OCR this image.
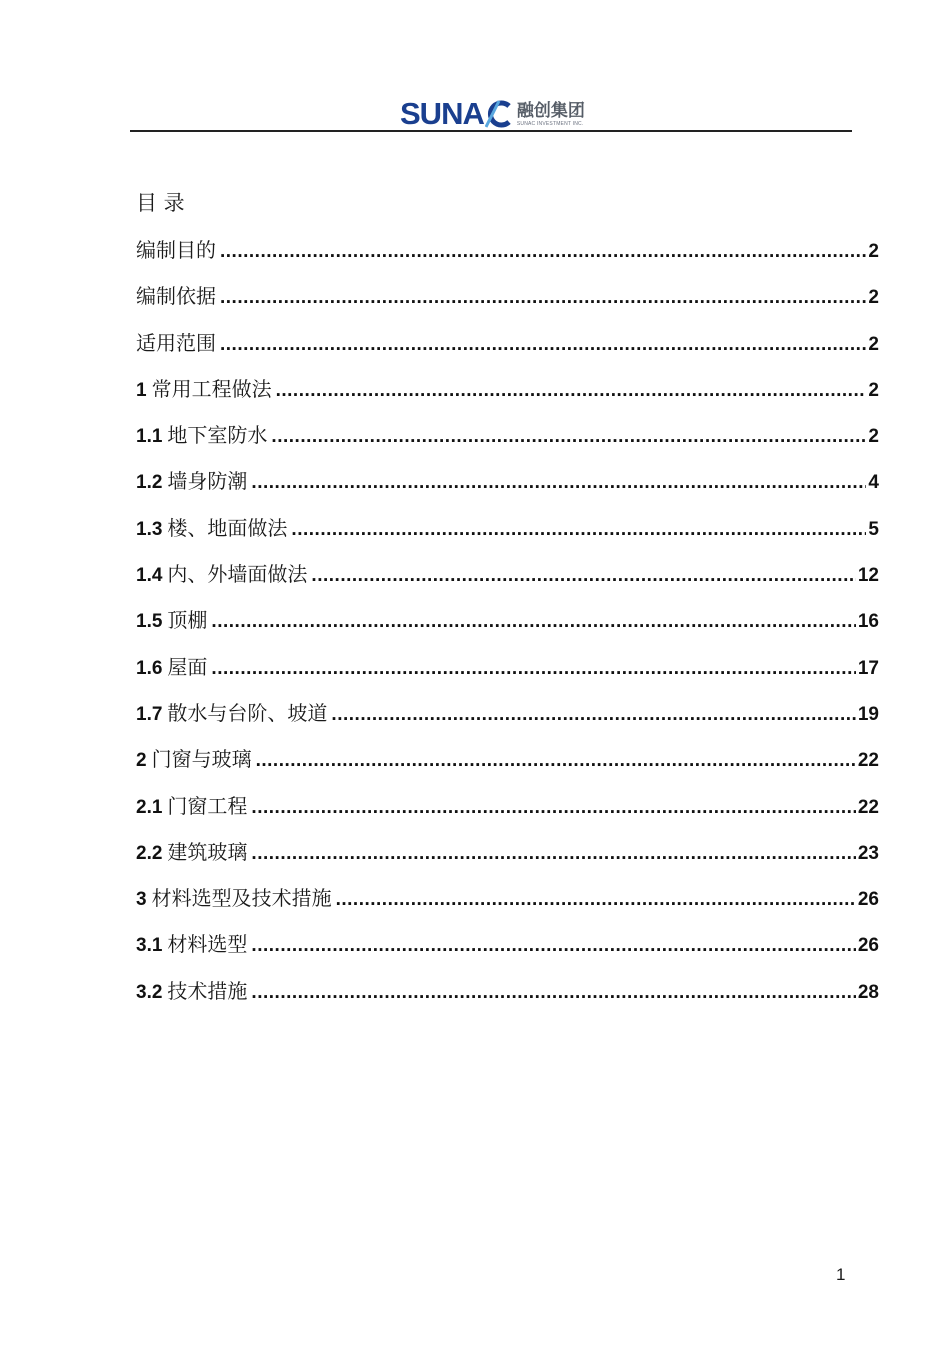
SUNA 融创集团
SUNAC INVESTMENT INC.
目 录
编制目的 .....	2
编制依据 .....	2
适用范围 .....	2
1 常用工程做法 .....	2
1.1 地下室防水 .....	2
1.2 墙身防潮 .....	4
1.3 楼、地面做法 .....	5
1.4 内、外墙面做法 .....	12
1.5 顶棚 .....	16
1.6 屋面 .....	17
1.7 散水与台阶、坡道 .....	19
2 门窗与玻璃 .....	22
2.1 门窗工程 .....	22
2.2 建筑玻璃 .....	23
3 材料选型及技术措施 .....	26
3.1 材料选型 .....	26
3.2 技术措施 .....	28
1
